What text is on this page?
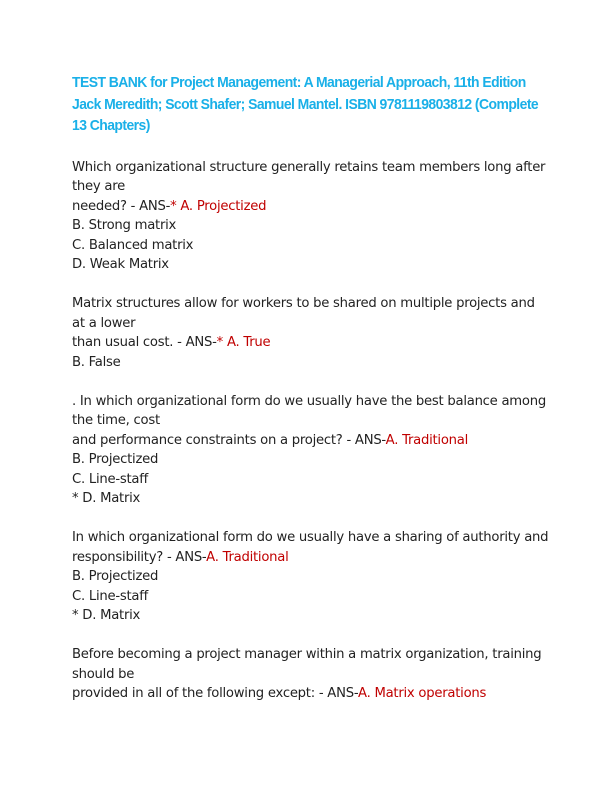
TEST BANK for Project Management: A Managerial Approach, 11th Edition
Jack Meredith; Scott Shafer; Samuel Mantel. ISBN 9781119803812 (Complete
13 Chapters)
Which organizational structure generally retains team members long after
they are
needed? - ANS-* A. Projectized
B. Strong matrix
C. Balanced matrix
D. Weak Matrix
Matrix structures allow for workers to be shared on multiple projects and
at a lower
than usual cost. - ANS-* A. True
B. False
. In which organizational form do we usually have the best balance among
the time, cost
and performance constraints on a project? - ANS-A. Traditional
B. Projectized
C. Line-staff
* D. Matrix
In which organizational form do we usually have a sharing of authority and
responsibility? - ANS-A. Traditional
B. Projectized
C. Line-staff
* D. Matrix
Before becoming a project manager within a matrix organization, training
should be
provided in all of the following except: - ANS-A. Matrix operations
